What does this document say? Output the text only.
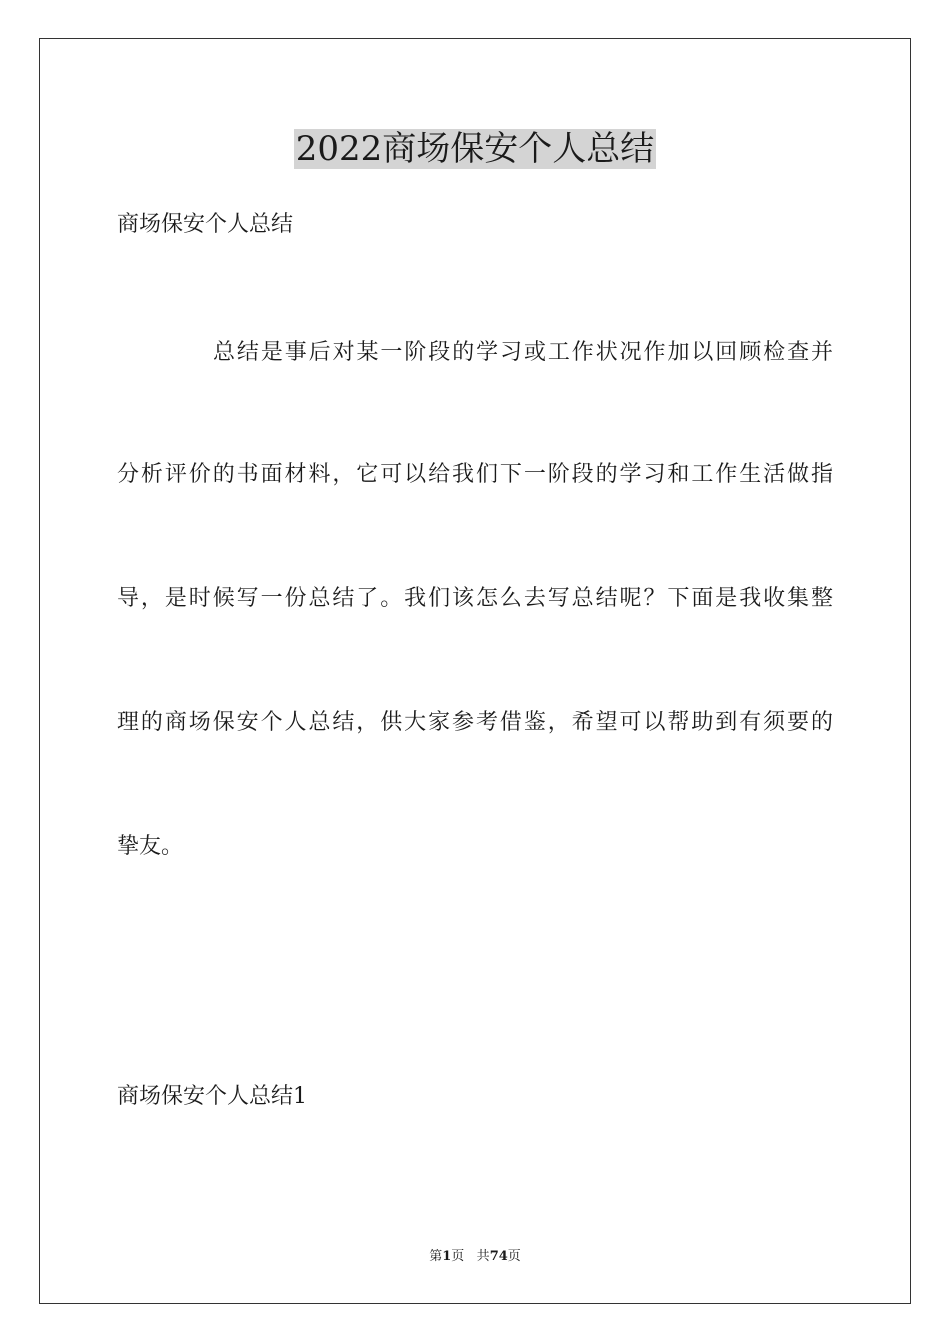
2022商场保安个人总结

商场保安个人总结

总结是事后对某一阶段的学习或工作状况作加以回顾检查并

分析评价的书面材料，它可以给我们下一阶段的学习和工作生活做指

导，是时候写一份总结了。我们该怎么去写总结呢？下面是我收集整

理的商场保安个人总结，供大家参考借鉴，希望可以帮助到有须要的

挚友。

商场保安个人总结1

第1页 共74页
